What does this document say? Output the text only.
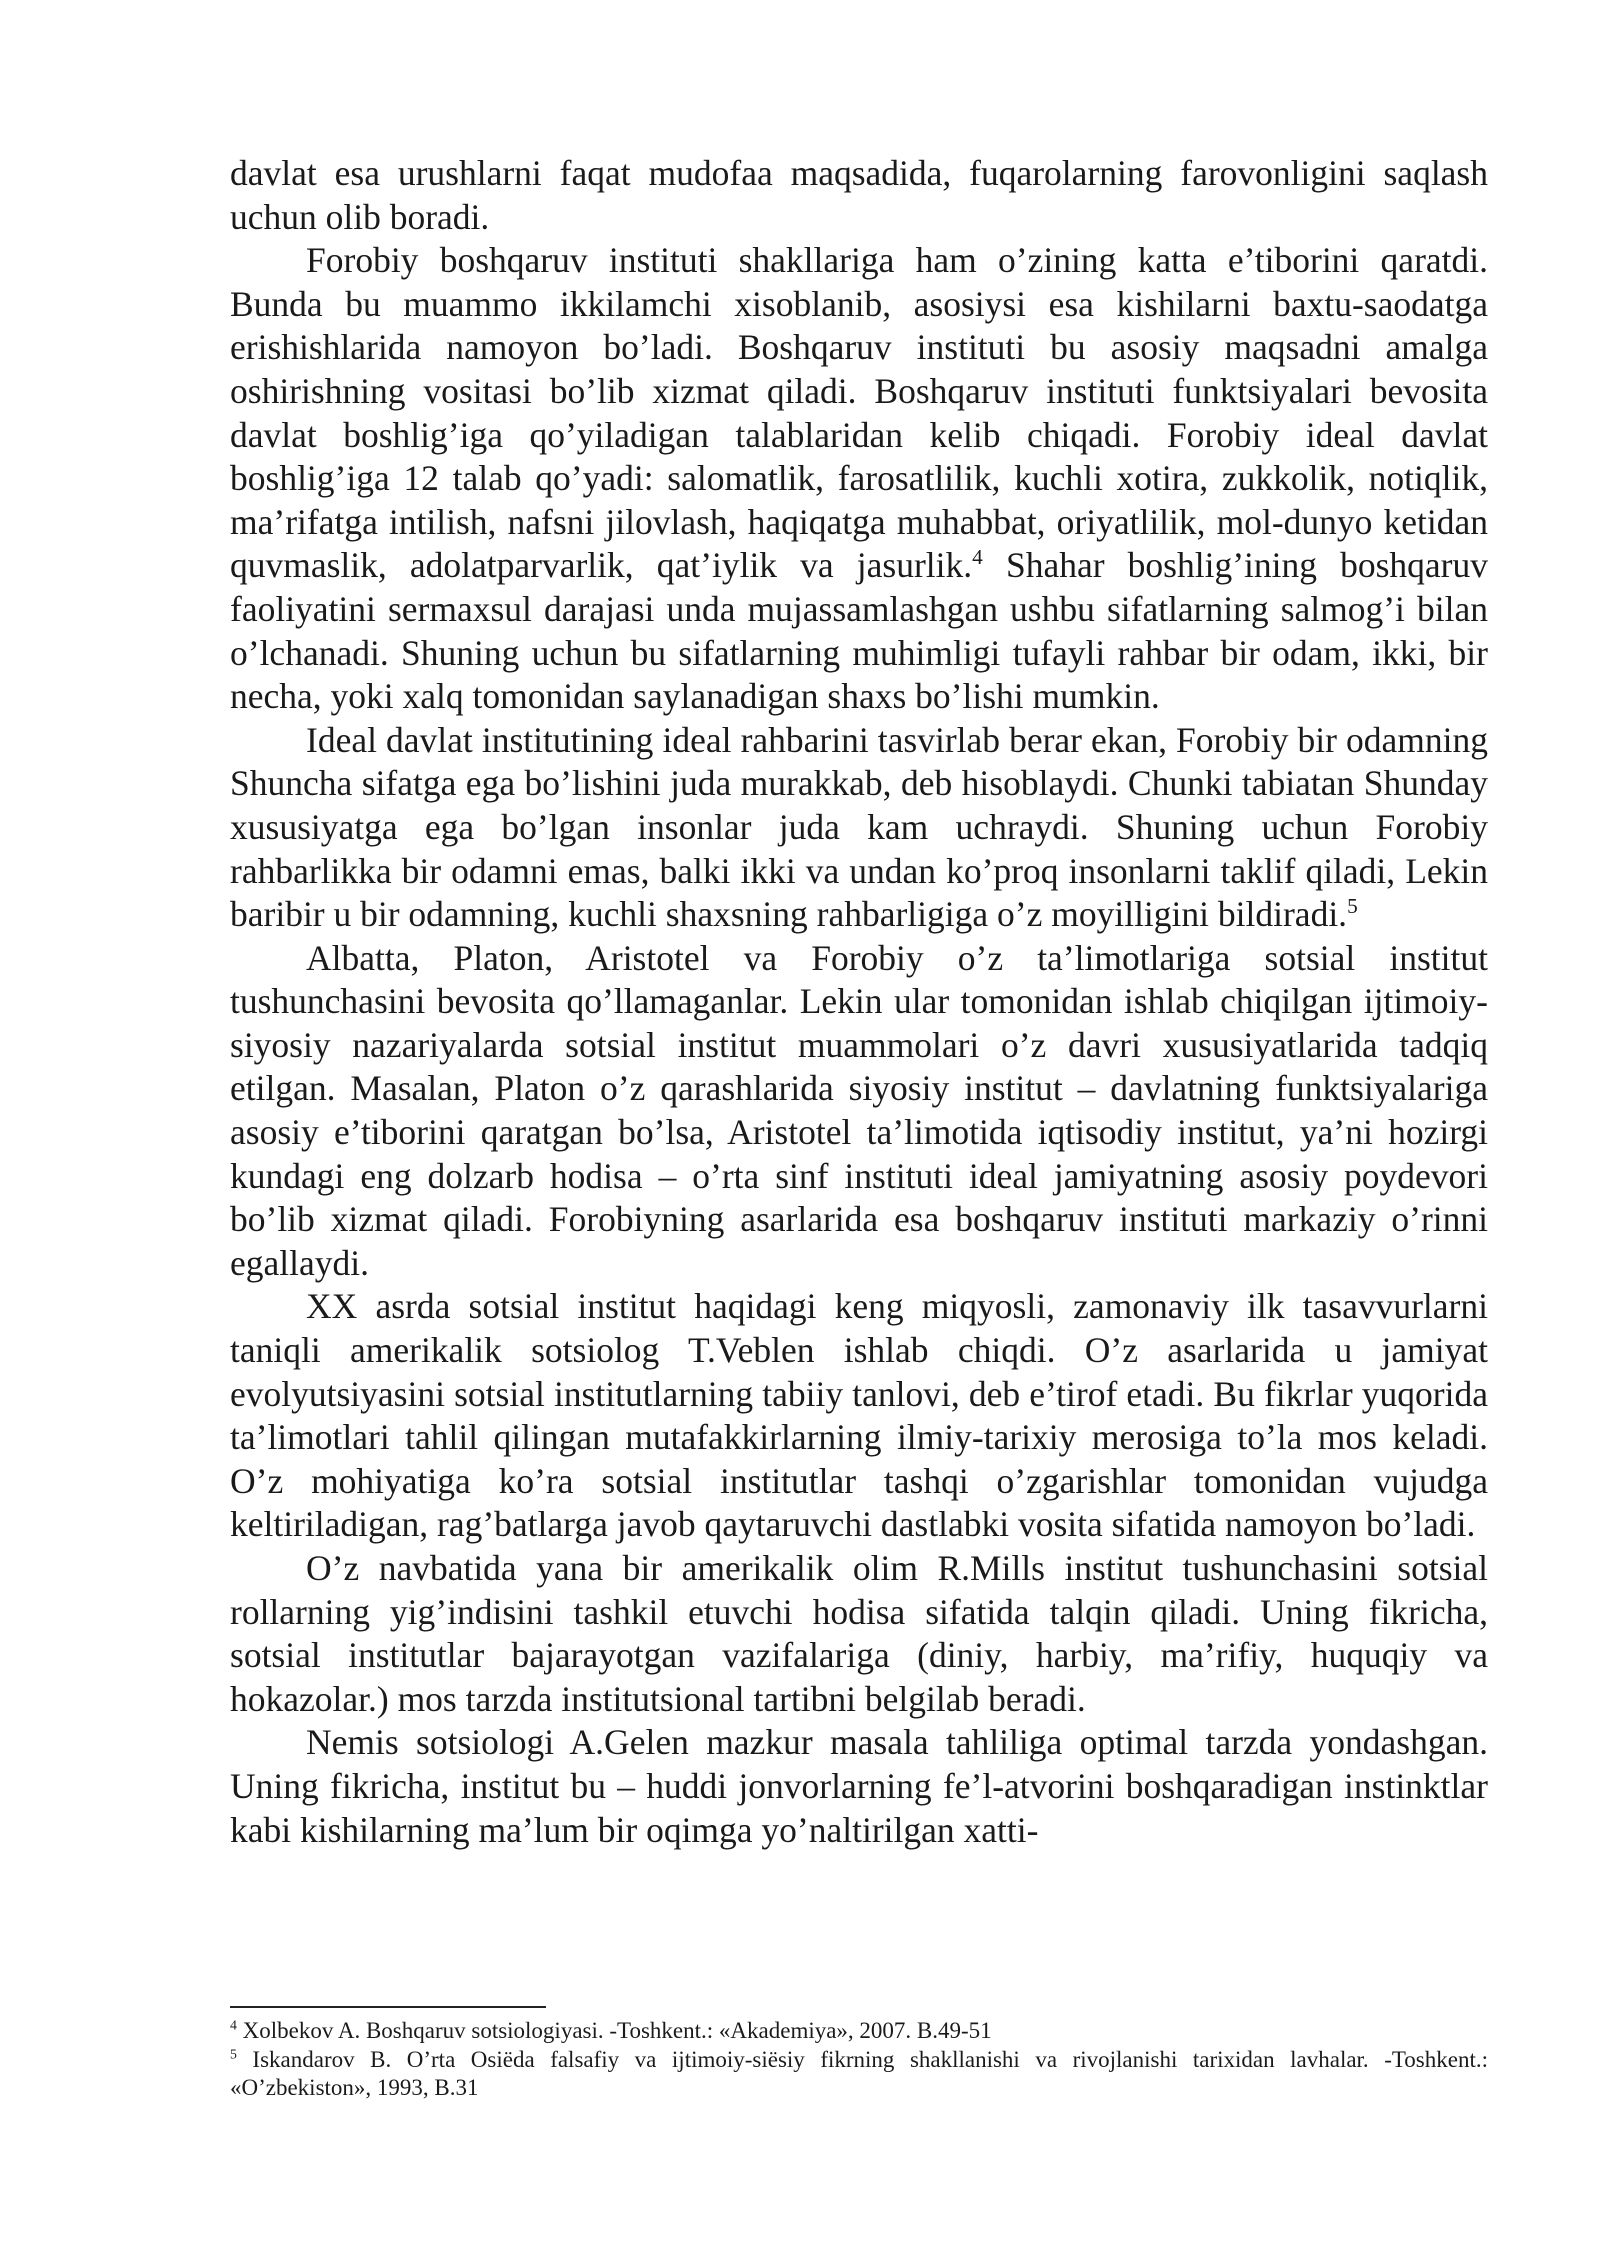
davlat esa urushlarni faqat mudofaa maqsadida, fuqarolarning farovonligini saqlash uchun olib boradi.

Forobiy boshqaruv instituti shakllariga ham o’zining katta e’tiborini qaratdi. Bunda bu muammo ikkilamchi xisoblanib, asosiysi esa kishilarni baxtu-saodatga erishishlarida namoyon bo’ladi. Boshqaruv instituti bu asosiy maqsadni amalga oshirishning vositasi bo’lib xizmat qiladi. Boshqaruv instituti funktsiyalari bevosita davlat boshlig’iga qo’yiladigan talablaridan kelib chiqadi. Forobiy ideal davlat boshlig’iga 12 talab qo’yadi: salomatlik, farosatlilik, kuchli xotira, zukkolik, notiqlik, ma’rifatga intilish, nafsni jilovlash, haqiqatga muhabbat, oriyatlilik, mol-dunyo ketidan quvmaslik, adolatparvarlik, qat’iylik va jasurlik.$^4$ Shahar boshlig’ining boshqaruv faoliyatini sermaxsul darajasi unda mujassamlashgan ushbu sifatlarning salmog’i bilan o’lchanadi. Shuning uchun bu sifatlarning muhimligi tufayli rahbar bir odam, ikki, bir necha, yoki xalq tomonidan saylanadigan shaxs bo’lishi mumkin.

Ideal davlat institutining ideal rahbarini tasvirlab berar ekan, Forobiy bir odamning Shuncha sifatga ega bo’lishini juda murakkab, deb hisoblaydi. Chunki tabiatan Shunday xususiyatga ega bo’lgan insonlar juda kam uchraydi. Shuning uchun Forobiy rahbarlikka bir odamni emas, balki ikki va undan ko’proq insonlarni taklif qiladi, Lekin baribir u bir odamning, kuchli shaxsning rahbarligiga o’z moyilligini bildiradi.$^5$

Albatta, Platon, Aristotel va Forobiy o’z ta’limotlariga sotsial institut tushunchasini bevosita qo’llamaganlar. Lekin ular tomonidan ishlab chiqilgan ijtimoiy-siyosiy nazariyalarda sotsial institut muammolari o’z davri xususiyatlarida tadqiq etilgan. Masalan, Platon o’z qarashlarida siyosiy institut – davlatning funktsiyalariga asosiy e’tiborini qaratgan bo’lsa, Aristotel ta’limotida iqtisodiy institut, ya’ni hozirgi kundagi eng dolzarb hodisa – o’rta sinf instituti ideal jamiyatning asosiy poydevori bo’lib xizmat qiladi. Forobiyning asarlarida esa boshqaruv instituti markaziy o’rinni egallaydi.

XX asrda sotsial institut haqidagi keng miqyosli, zamonaviy ilk tasavvurlarni taniqli amerikalik sotsiolog T.Veblen ishlab chiqdi. O’z asarlarida u jamiyat evolyutsiyasini sotsial institutlarning tabiiy tanlovi, deb e’tirof etadi. Bu fikrlar yuqorida ta’limotlari tahlil qilingan mutafakkirlarning ilmiy-tarixiy merosiga to’la mos keladi. O’z mohiyatiga ko’ra sotsial institutlar tashqi o’zgarishlar tomonidan vujudga keltiriladigan, rag’batlarga javob qaytaruvchi dastlabki vosita sifatida namoyon bo’ladi.

O’z navbatida yana bir amerikalik olim R.Mills institut tushunchasini sotsial rollarning yig’indisini tashkil etuvchi hodisa sifatida talqin qiladi. Uning fikricha, sotsial institutlar bajarayotgan vazifalariga (diniy, harbiy, ma’rifiy, huquqiy va hokazolar.) mos tarzda institutsional tartibni belgilab beradi.

Nemis sotsiologi A.Gelen mazkur masala tahliliga optimal tarzda yondashgan. Uning fikricha, institut bu – huddi jonvorlarning fe’l-atvorini boshqaradigan instinktlar kabi kishilarning ma’lum bir oqimga yo’naltirilgan xatti-

$^4$ Xolbekov A. Boshqaruv sotsiologiyasi. -Toshkent.: «Akademiya», 2007. B.49-51

$^5$ Iskandarov B. O’rta Osiёda falsafiy va ijtimoiy-siёsiy fikrning shakllanishi va rivojlanishi tarixidan lavhalar. -Toshkent.: «O’zbekiston», 1993, B.31
